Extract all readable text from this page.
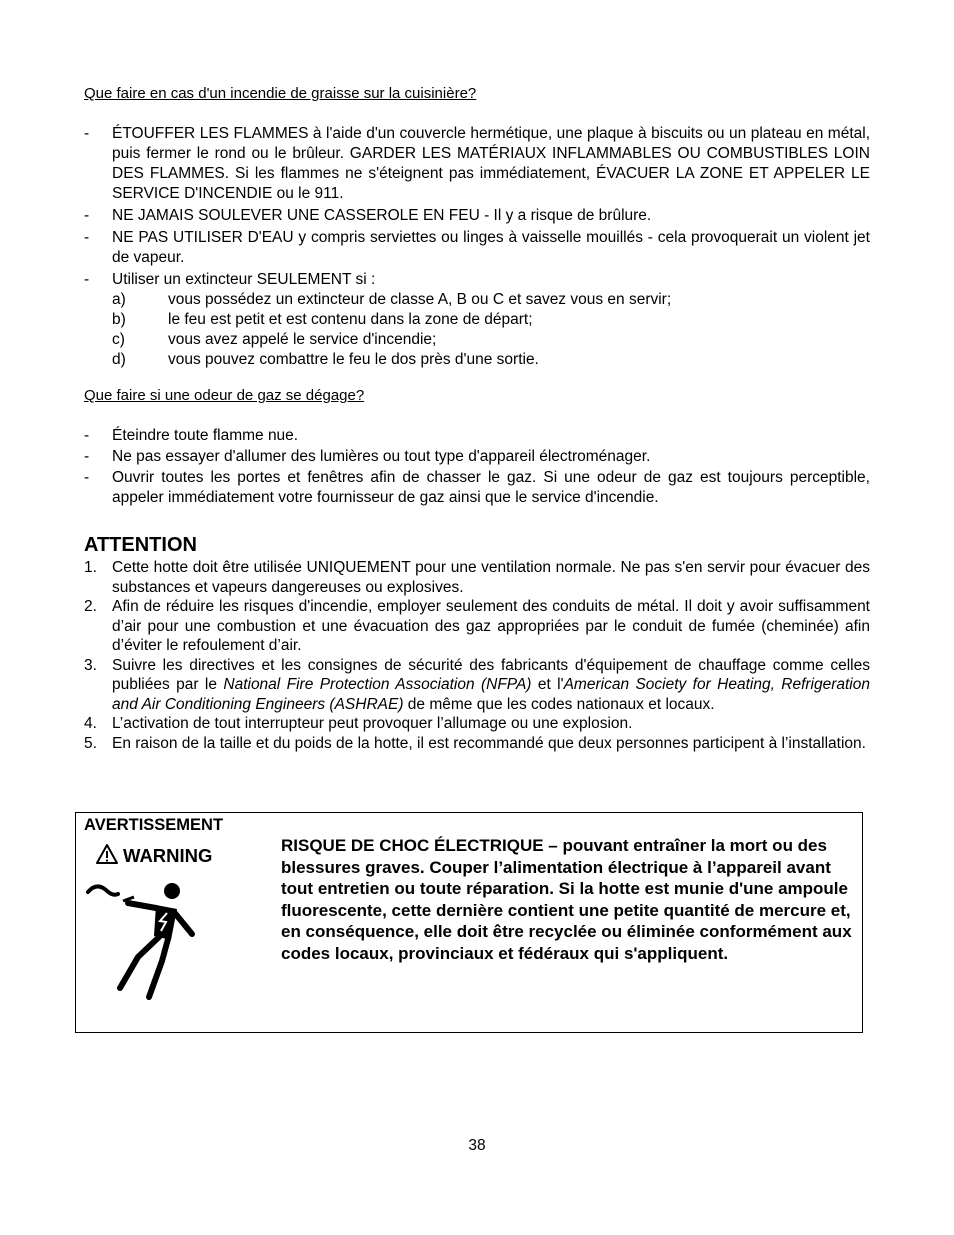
Que faire en cas d'un incendie de graisse sur la cuisinière?
- ÉTOUFFER LES FLAMMES à l'aide d'un couvercle hermétique, une plaque à biscuits ou un plateau en métal, puis fermer le rond ou le brûleur. GARDER LES MATÉRIAUX INFLAMMABLES OU COMBUSTIBLES LOIN DES FLAMMES. Si les flammes ne s'éteignent pas immédiatement, ÉVACUER LA ZONE ET APPELER LE SERVICE D'INCENDIE ou le 911.
- NE JAMAIS SOULEVER UNE CASSEROLE EN FEU - Il y a risque de brûlure.
- NE PAS UTILISER D'EAU y compris serviettes ou linges à vaisselle mouillés - cela provoquerait un violent jet de vapeur.
- Utiliser un extincteur SEULEMENT si :
a)	vous possédez un extincteur de classe A, B ou C et savez vous en servir;
b)	le feu est petit et est contenu dans la zone de départ;
c)	vous avez appelé le service d'incendie;
d)	vous pouvez combattre le feu le dos près d'une sortie.
Que faire si une odeur de gaz se dégage?
- Éteindre toute flamme nue.
- Ne pas essayer d'allumer des lumières ou tout type d'appareil électroménager.
- Ouvrir toutes les portes et fenêtres afin de chasser le gaz. Si une odeur de gaz est toujours perceptible, appeler immédiatement votre fournisseur de gaz ainsi que le service d'incendie.
ATTENTION
1. Cette hotte doit être utilisée UNIQUEMENT pour une ventilation normale. Ne pas s'en servir pour évacuer des substances et vapeurs dangereuses ou explosives.
2. Afin de réduire les risques d'incendie, employer seulement des conduits de métal. Il doit y avoir suffisamment d’air pour une combustion et une évacuation des gaz appropriées par le conduit de fumée (cheminée) afin d’éviter le refoulement d’air.
3. Suivre les directives et les consignes de sécurité des fabricants d'équipement de chauffage comme celles publiées par le National Fire Protection Association (NFPA) et l'American Society for Heating, Refrigeration and Air Conditioning Engineers (ASHRAE) de même que les codes nationaux et locaux.
4. L’activation de tout interrupteur peut provoquer l’allumage ou une explosion.
5. En raison de la taille et du poids de la hotte, il est recommandé que deux personnes participent à l’installation.
AVERTISSEMENT
WARNING	RISQUE DE CHOC ÉLECTRIQUE – pouvant entraîner la mort ou des blessures graves. Couper l’alimentation électrique à l’appareil avant tout entretien ou toute réparation. Si la hotte est munie d'une ampoule fluorescente, cette dernière contient une petite quantité de mercure et, en conséquence, elle doit être recyclée ou éliminée conformément aux codes locaux, provinciaux et fédéraux qui s'appliquent.
38
